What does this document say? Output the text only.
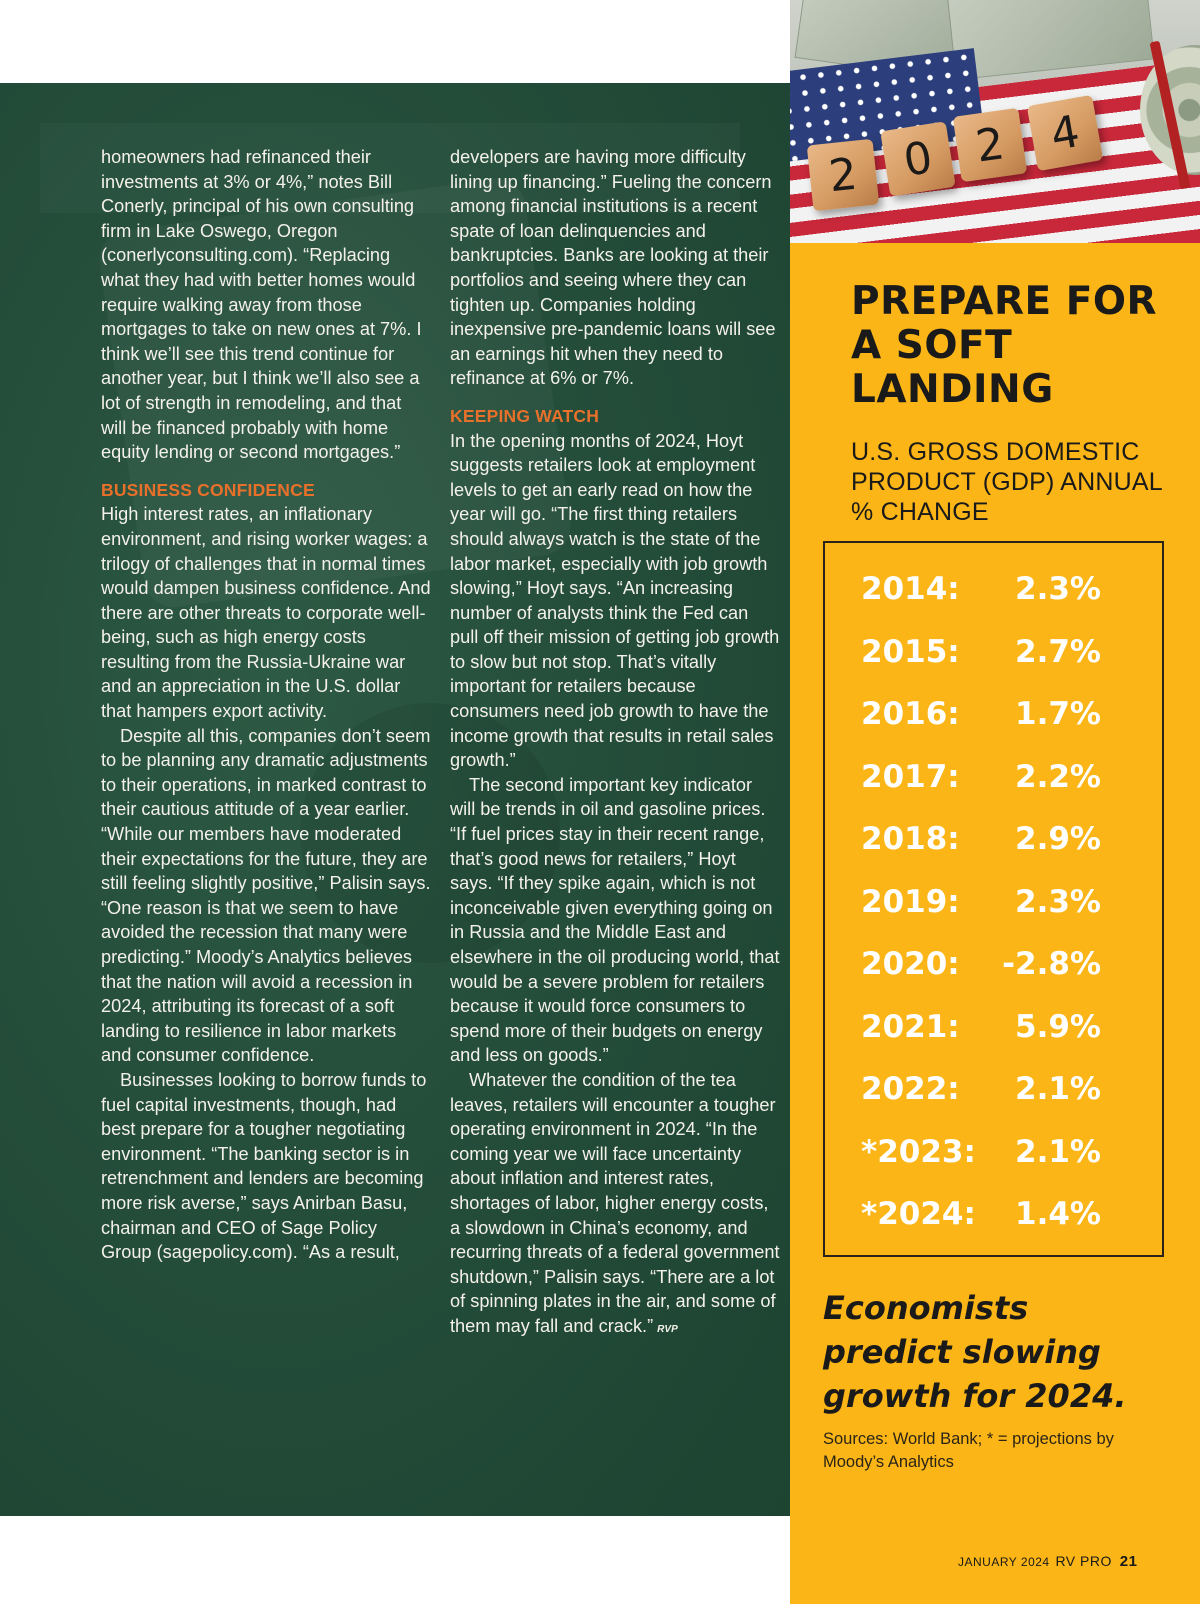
homeowners had refinanced their investments at 3% or 4%,” notes Bill Conerly, principal of his own consulting firm in Lake Oswego, Oregon (conerlyconsulting.com). “Replacing what they had with better homes would require walking away from those mortgages to take on new ones at 7%. I think we’ll see this trend continue for another year, but I think we’ll also see a lot of strength in remodeling, and that will be financed probably with home equity lending or second mortgages.”

BUSINESS CONFIDENCE

High interest rates, an inflationary environment, and rising worker wages: a trilogy of challenges that in normal times would dampen business confidence. And there are other threats to corporate well-being, such as high energy costs resulting from the Russia-Ukraine war and an appreciation in the U.S. dollar that hampers export activity.

Despite all this, companies don’t seem to be planning any dramatic adjustments to their operations, in marked contrast to their cautious attitude of a year earlier. “While our members have moderated their expectations for the future, they are still feeling slightly positive,” Palisin says. “One reason is that we seem to have avoided the recession that many were predicting.” Moody’s Analytics believes that the nation will avoid a recession in 2024, attributing its forecast of a soft landing to resilience in labor markets and consumer confidence.

Businesses looking to borrow funds to fuel capital investments, though, had best prepare for a tougher negotiating environment. “The banking sector is in retrenchment and lenders are becoming more risk averse,” says Anirban Basu, chairman and CEO of Sage Policy Group (sagepolicy.com). “As a result,

developers are having more difficulty lining up financing.” Fueling the concern among financial institutions is a recent spate of loan delinquencies and bankruptcies. Banks are looking at their portfolios and seeing where they can tighten up. Companies holding inexpensive pre-pandemic loans will see an earnings hit when they need to refinance at 6% or 7%.

KEEPING WATCH

In the opening months of 2024, Hoyt suggests retailers look at employment levels to get an early read on how the year will go. “The first thing retailers should always watch is the state of the labor market, especially with job growth slowing,” Hoyt says. “An increasing number of analysts think the Fed can pull off their mission of getting job growth to slow but not stop. That’s vitally important for retailers because consumers need job growth to have the income growth that results in retail sales growth.”

The second important key indicator will be trends in oil and gasoline prices. “If fuel prices stay in their recent range, that’s good news for retailers,” Hoyt says. “If they spike again, which is not inconceivable given everything going on in Russia and the Middle East and elsewhere in the oil producing world, that would be a severe problem for retailers because it would force consumers to spend more of their budgets on energy and less on goods.”

Whatever the condition of the tea leaves, retailers will encounter a tougher operating environment in 2024. “In the coming year we will face uncertainty about inflation and interest rates, shortages of labor, higher energy costs, a slowdown in China’s economy, and recurring threats of a federal government shutdown,” Palisin says. “There are a lot of spinning plates in the air, and some of them may fall and crack.” RVP

2 0 2 4
PREPARE FOR A SOFT LANDING
U.S. GROSS DOMESTIC PRODUCT (GDP) ANNUAL % CHANGE
2014: 2.3%
2015: 2.7%
2016: 1.7%
2017: 2.2%
2018: 2.9%
2019: 2.3%
2020: -2.8%
2021: 5.9%
2022: 2.1%
*2023: 2.1%
*2024: 1.4%
Economists predict slowing growth for 2024.
Sources: World Bank; * = projections by Moody’s Analytics
JANUARY 2024 RV PRO 21
